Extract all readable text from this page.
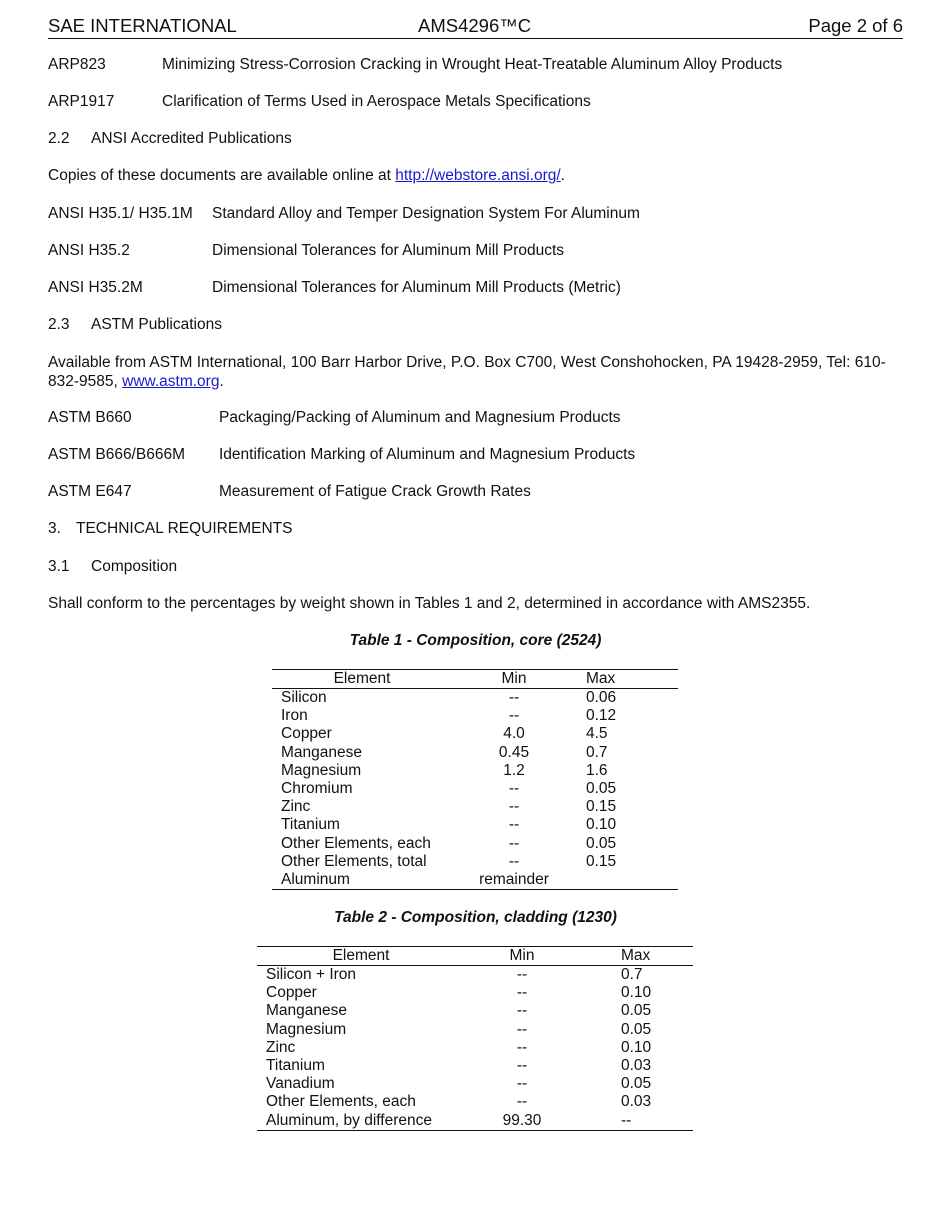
SAE INTERNATIONAL	AMS4296™C	Page 2 of 6
ARP823	Minimizing Stress-Corrosion Cracking in Wrought Heat-Treatable Aluminum Alloy Products
ARP1917	Clarification of Terms Used in Aerospace Metals Specifications
2.2 ANSI Accredited Publications
Copies of these documents are available online at http://webstore.ansi.org/.
ANSI H35.1/ H35.1M Standard Alloy and Temper Designation System For Aluminum
ANSI H35.2	Dimensional Tolerances for Aluminum Mill Products
ANSI H35.2M	Dimensional Tolerances for Aluminum Mill Products (Metric)
2.3 ASTM Publications
Available from ASTM International, 100 Barr Harbor Drive, P.O. Box C700, West Conshohocken, PA 19428-2959, Tel: 610-
832-9585, www.astm.org.
ASTM B660	Packaging/Packing of Aluminum and Magnesium Products
ASTM B666/B666M Identification Marking of Aluminum and Magnesium Products
ASTM E647	Measurement of Fatigue Crack Growth Rates
3. TECHNICAL REQUIREMENTS
3.1 Composition
Shall conform to the percentages by weight shown in Tables 1 and 2, determined in accordance with AMS2355.
Table 1 - Composition, core (2524)
Element	Min	Max
Silicon	--	0.06
Iron	--	0.12
Copper	4.0	4.5
Manganese	0.45	0.7
Magnesium	1.2	1.6
Chromium	--	0.05
Zinc	--	0.15
Titanium	--	0.10
Other Elements, each	--	0.05
Other Elements, total	--	0.15
Aluminum	remainder	
Table 2 - Composition, cladding (1230)
Element	Min	Max
Silicon + Iron	--	0.7
Copper	--	0.10
Manganese	--	0.05
Magnesium	--	0.05
Zinc	--	0.10
Titanium	--	0.03
Vanadium	--	0.05
Other Elements, each	--	0.03
Aluminum, by difference	99.30	--
